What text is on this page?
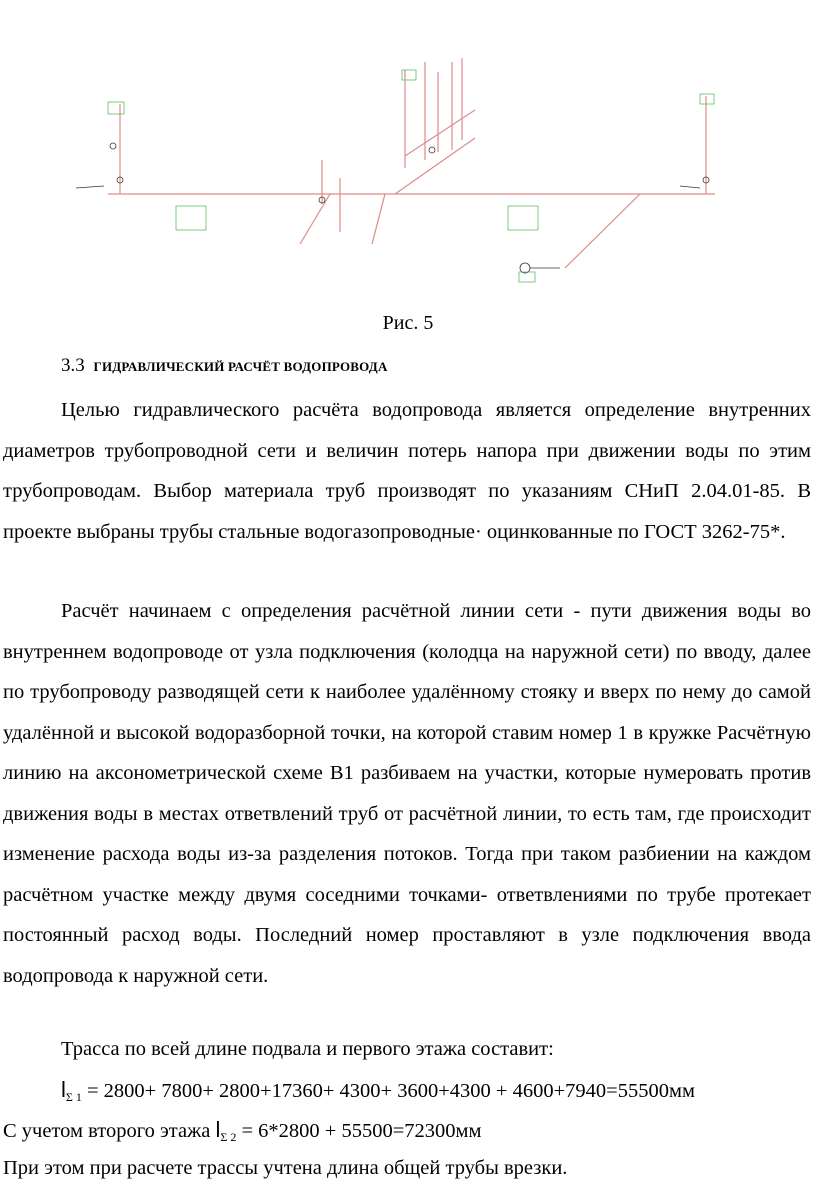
Рис. 5
3.3 ГИДРАВЛИЧЕСКИЙ РАСЧЁТ ВОДОПРОВОДА

Целью гидравлического расчёта водопровода является определение внутренних диаметров трубопроводной сети и величин потерь напора при движении воды по этим трубопроводам. Выбор материала труб производят по указаниям СНиП 2.04.01-85. В проекте выбраны трубы стальные водогазопроводные· оцинкованные по ГОСТ 3262-75*.

Расчёт начинаем с определения расчётной линии сети - пути движения воды во внутреннем водопроводе от узла подключения (колодца на наружной сети) по вводу, далее по трубопроводу разводящей сети к наиболее удалённому стояку и вверх по нему до самой удалённой и высокой водоразборной точки, на которой ставим номер 1 в кружке Расчётную линию на аксонометрической схеме В1 разбиваем на участки, которые нумеровать против движения воды в местах ответвлений труб от расчётной линии, то есть там, где происходит изменение расхода воды из-за разделения потоков. Тогда при таком разбиении на каждом расчётном участке между двумя соседними точками- ответвлениями по трубе протекает постоянный расход воды. Последний номер проставляют в узле подключения ввода водопровода к наружной сети.

Трасса по всей длине подвала и первого этажа составит:
$l_{\Sigma 1} = 2800+ 7800+ 2800+17360+ 4300+ 3600+4300 + 4600+7940=55500мм$
С учетом второго этажа $l_{\Sigma 2} = 6*2800 + 55500=72300мм$
При этом при расчете трассы учтена длина общей трубы врезки.
